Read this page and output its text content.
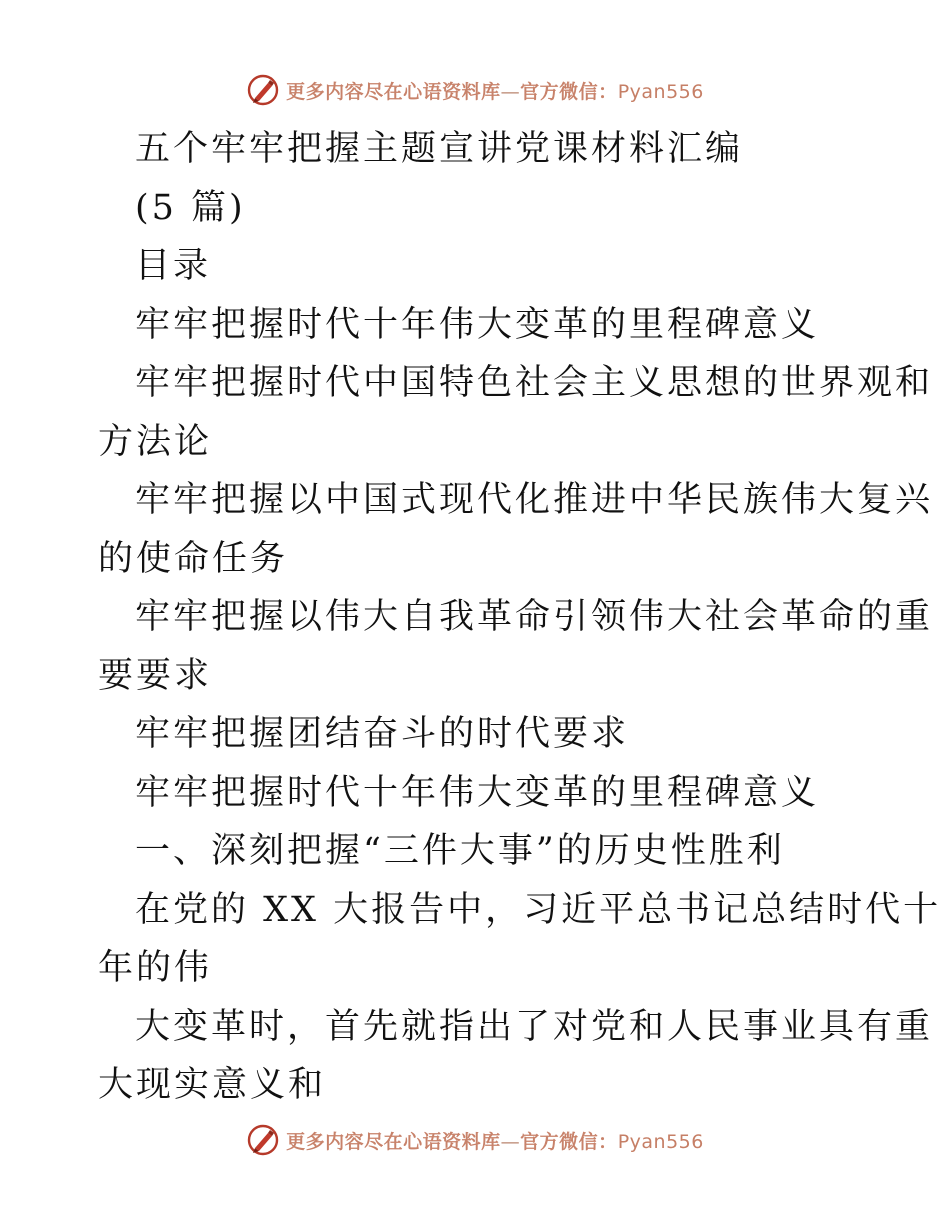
更多内容尽在心语资料库—官方微信：Pyan556
五个牢牢把握主题宣讲党课材料汇编
(5 篇)
目录
牢牢把握时代十年伟大变革的里程碑意义
牢牢把握时代中国特色社会主义思想的世界观和
方法论
牢牢把握以中国式现代化推进中华民族伟大复兴
的使命任务
牢牢把握以伟大自我革命引领伟大社会革命的重
要要求
牢牢把握团结奋斗的时代要求
牢牢把握时代十年伟大变革的里程碑意义
一、深刻把握“三件大事”的历史性胜利
在党的 XX 大报告中，习近平总书记总结时代十
年的伟
大变革时，首先就指出了对党和人民事业具有重
大现实意义和
更多内容尽在心语资料库—官方微信：Pyan556
